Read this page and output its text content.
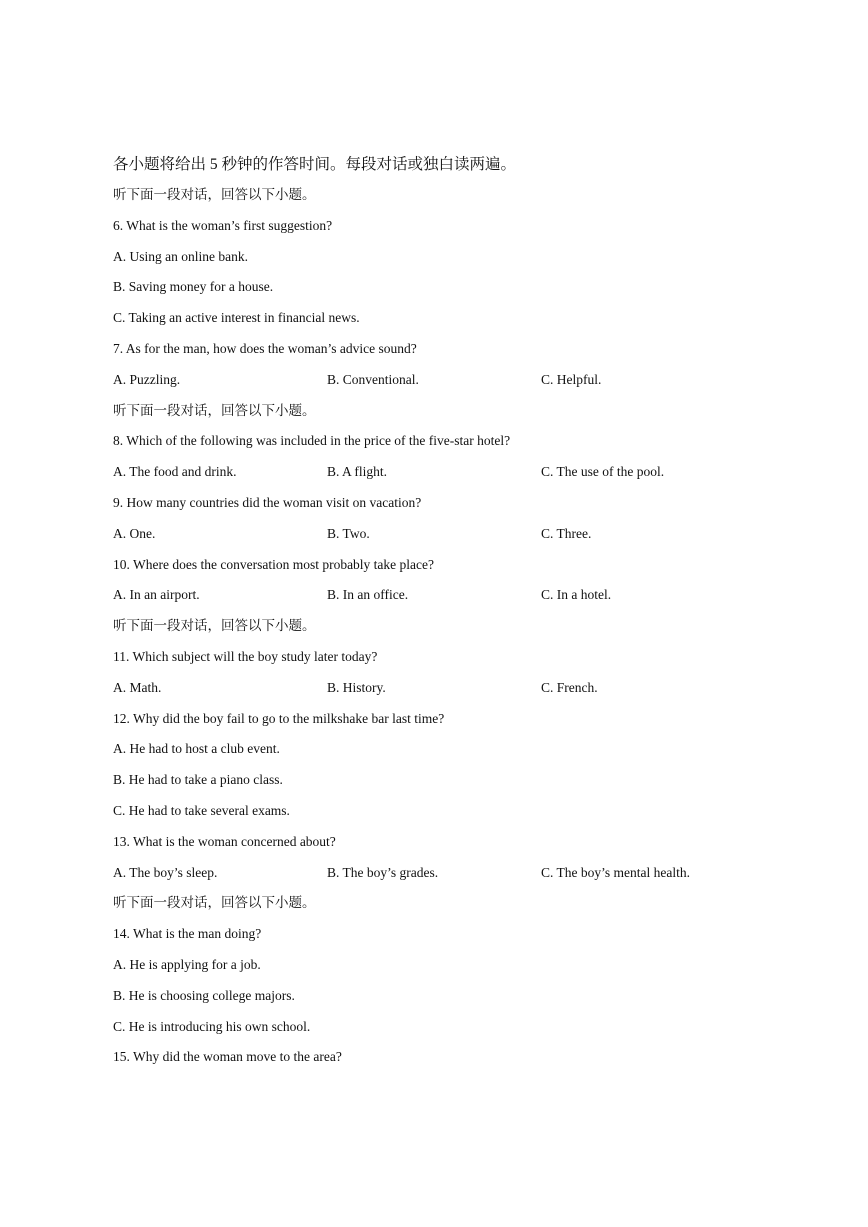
各小题将给出 5 秒钟的作答时间。每段对话或独白读两遍。
听下面一段对话，回答以下小题。
6. What is the woman’s first suggestion?
A. Using an online bank.
B. Saving money for a house.
C. Taking an active interest in financial news.
7. As for the man, how does the woman’s advice sound?
A. Puzzling.	B. Conventional.	C. Helpful.
听下面一段对话，回答以下小题。
8. Which of the following was included in the price of the five-star hotel?
A. The food and drink.	B. A flight.	C. The use of the pool.
9. How many countries did the woman visit on vacation?
A. One.	B. Two.	C. Three.
10. Where does the conversation most probably take place?
A. In an airport.	B. In an office.	C. In a hotel.
听下面一段对话，回答以下小题。
11. Which subject will the boy study later today?
A. Math.	B. History.	C. French.
12. Why did the boy fail to go to the milkshake bar last time?
A. He had to host a club event.
B. He had to take a piano class.
C. He had to take several exams.
13. What is the woman concerned about?
A. The boy’s sleep.	B. The boy’s grades.	C. The boy’s mental health.
听下面一段对话，回答以下小题。
14. What is the man doing?
A. He is applying for a job.
B. He is choosing college majors.
C. He is introducing his own school.
15. Why did the woman move to the area?
